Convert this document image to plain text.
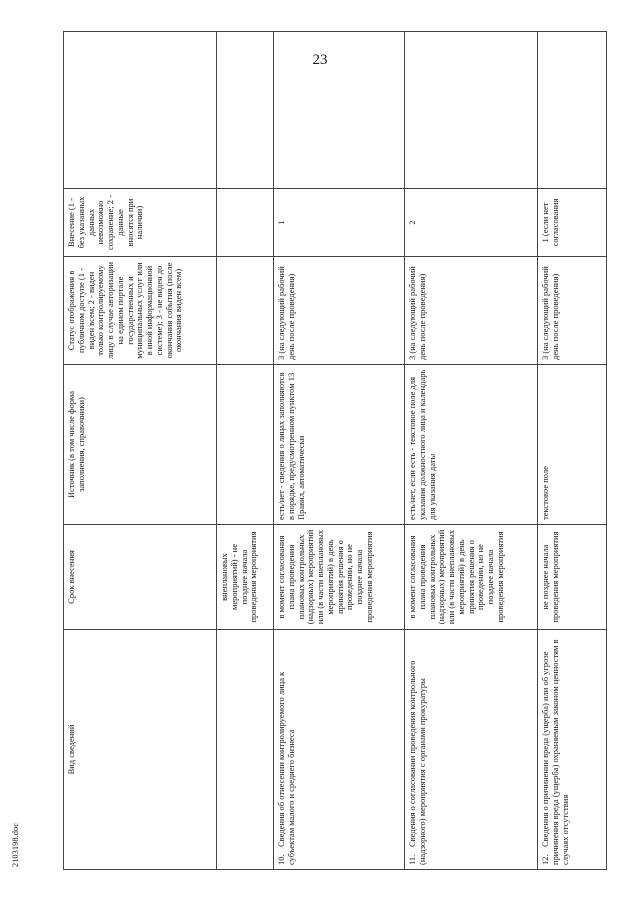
23
Вид сведений	Срок внесения	Источник (в том числе форма заполнения, справочники)	Статус отображения в публичном доступе (1 - виден всем; 2 - виден только контролируемому лицу в случае авторизации на едином портале государственных и муниципальных услуг или в иной информационной системе); 3 - не виден до окончания события (после окончания виден всем)	Внесение (1 - без указанных данных невозможно сохранение; 2 - данные вносятся при наличии)	
	внеплановых мероприятий) - не позднее начала проведения мероприятия				
10.Сведения об отнесении контролируемого лица к субъектам малого и среднего бизнеса	в момент согласования плана проведения плановых контрольных (надзорных) мероприятий или (в части внеплановых мероприятий) в день принятия решения о проведении, но не позднее начала проведения мероприятия	есть/нет - сведения о лицах заполняются в порядке, предусмотренном пунктом 13 Правил, автоматически	3 (на следующий рабочий день после проведения)	1	
11.Сведения о согласовании проведения контрольного (надзорного) мероприятия с органами прокуратуры	в момент согласования плана проведения плановых контрольных (надзорных) мероприятий или (в части внеплановых мероприятий) в день принятия решения о проведении, но не позднее начала проведения мероприятия	есть/нет, если есть - текстовое поле для указания должностного лица и календарь для указания даты	3 (на следующий рабочий день после проведения)	2	
12.Сведения о причинении вреда (ущерба) или об угрозе причинения вреда (ущерба) охраняемым законом ценностям в случаях отсутствия	не позднее начала проведения мероприятия	текстовое поле	3 (на следующий рабочий день после проведения)	1 (если нет согласования	
2103198.doc
